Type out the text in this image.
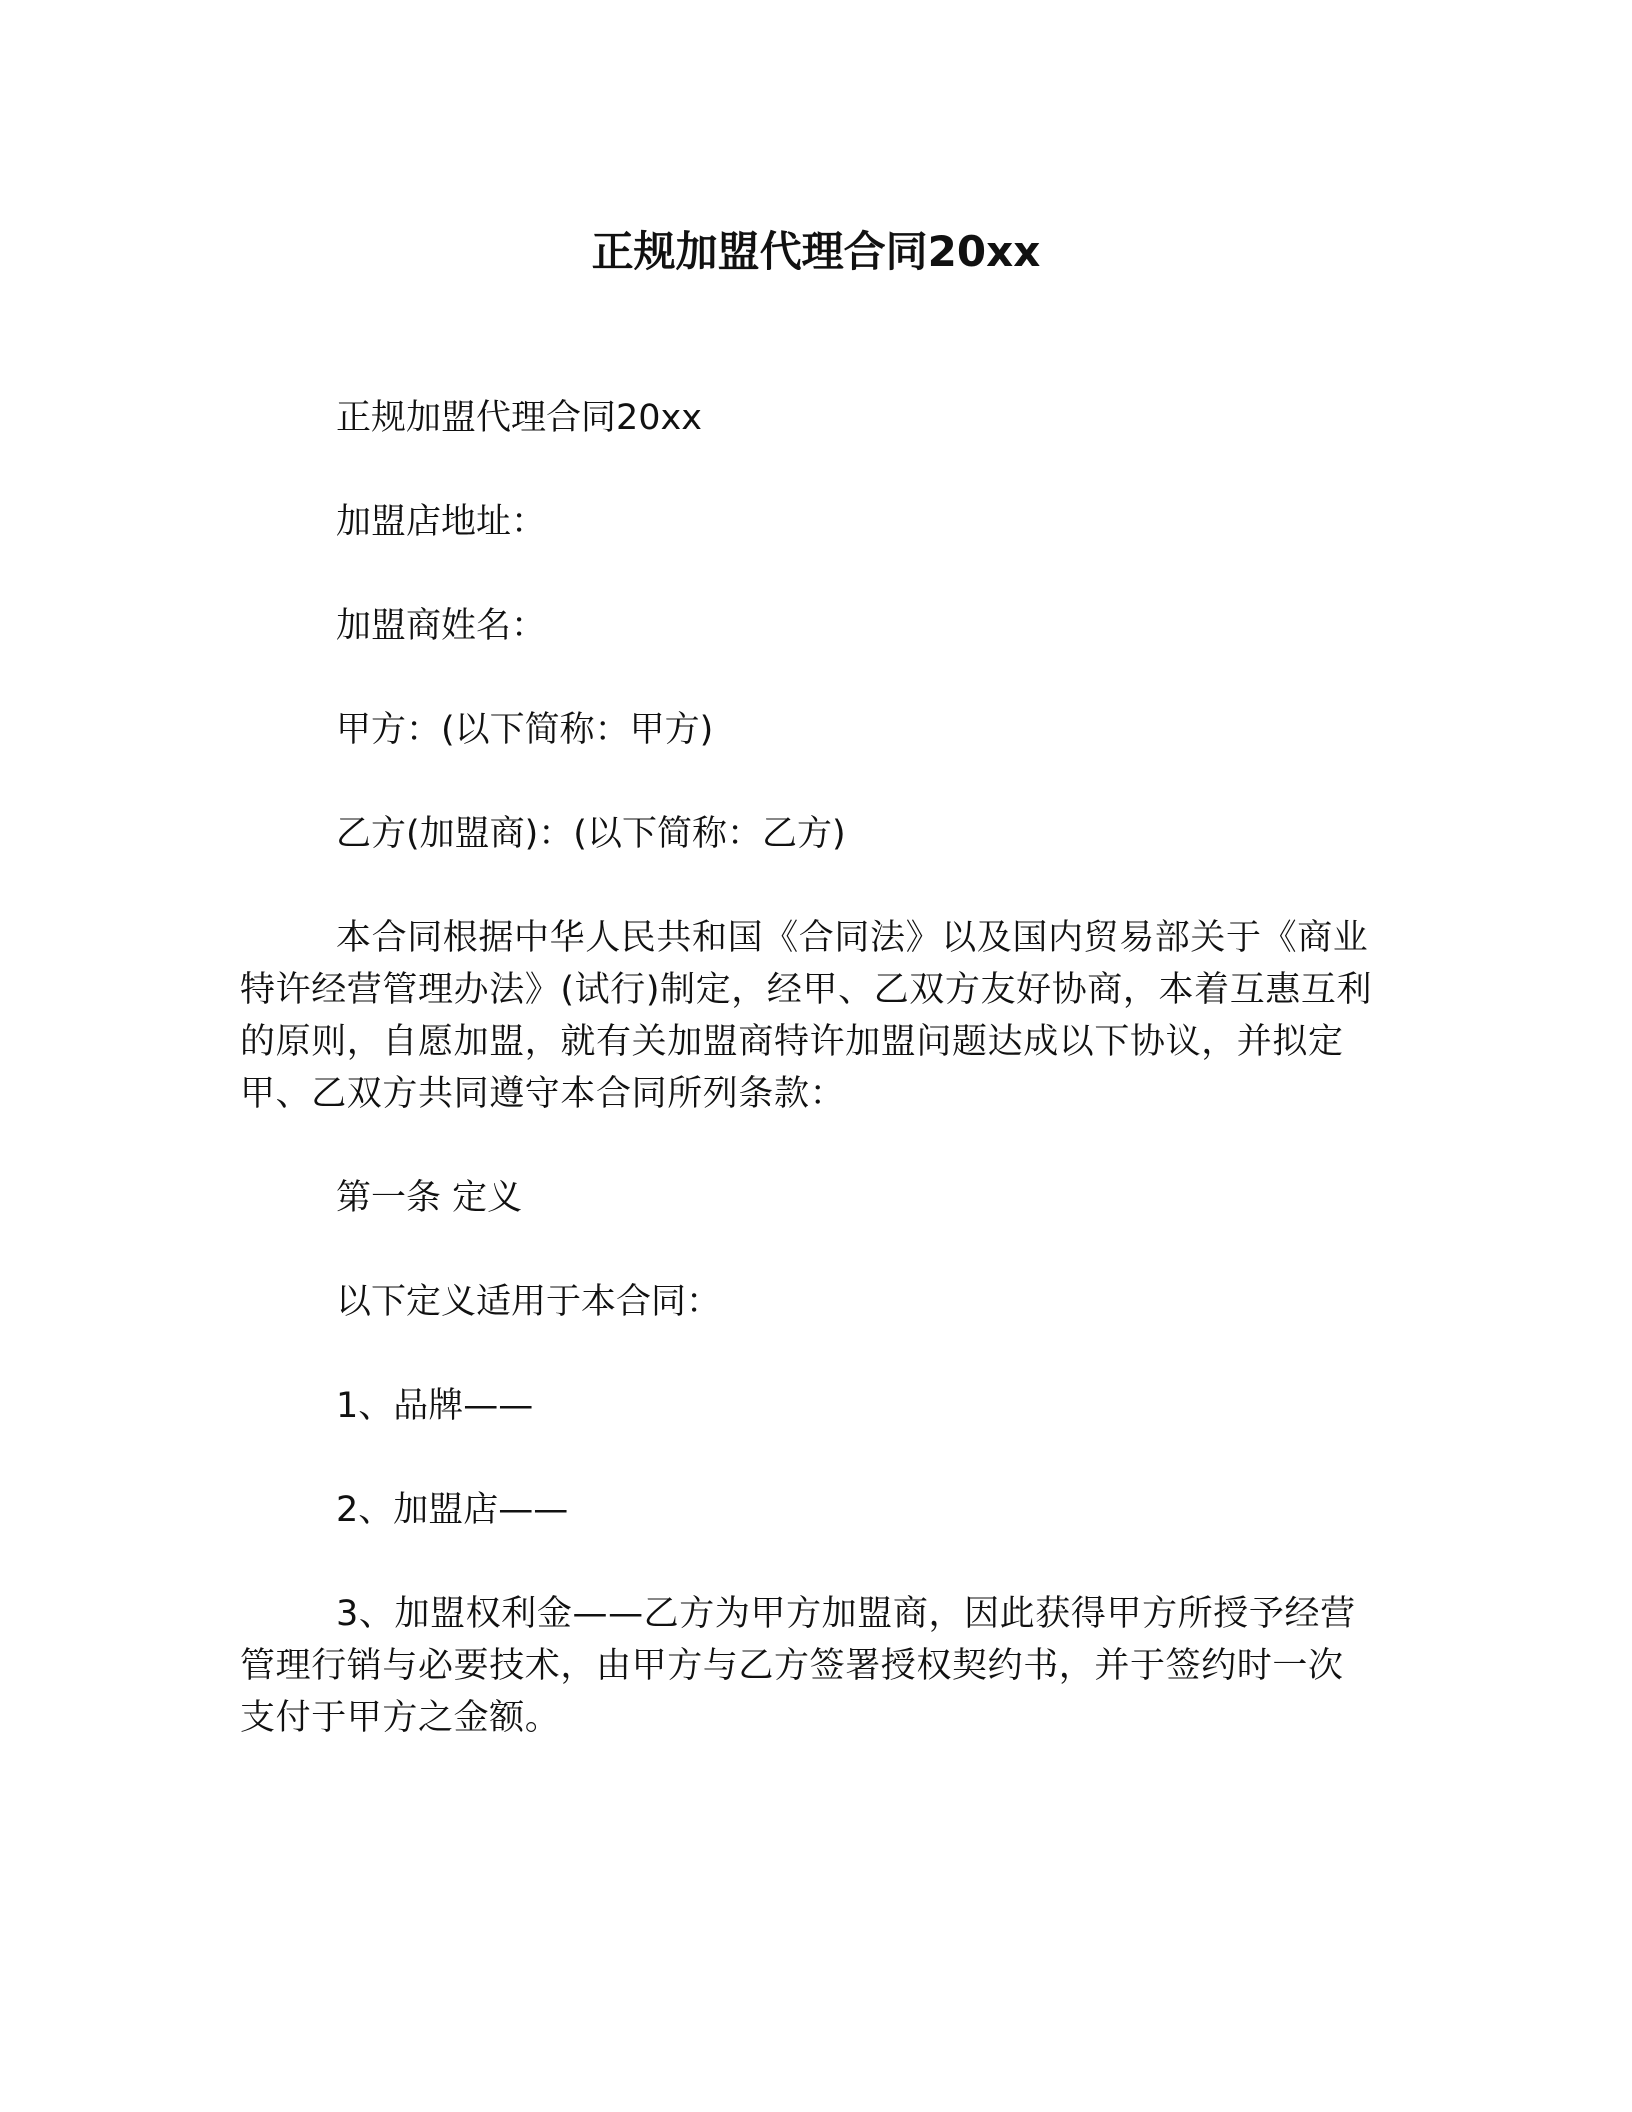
正规加盟代理合同20xx

正规加盟代理合同20xx

加盟店地址：

加盟商姓名：

甲方：(以下简称：甲方)

乙方(加盟商)：(以下简称：乙方)

本合同根据中华人民共和国《合同法》以及国内贸易部关于《商业特许经营管理办法》(试行)制定，经甲、乙双方友好协商，本着互惠互利的原则，自愿加盟，就有关加盟商特许加盟问题达成以下协议，并拟定甲、乙双方共同遵守本合同所列条款：

第一条 定义

以下定义适用于本合同：

1、品牌——

2、加盟店——

3、加盟权利金——乙方为甲方加盟商，因此获得甲方所授予经营管理行销与必要技术，由甲方与乙方签署授权契约书，并于签约时一次支付于甲方之金额。
